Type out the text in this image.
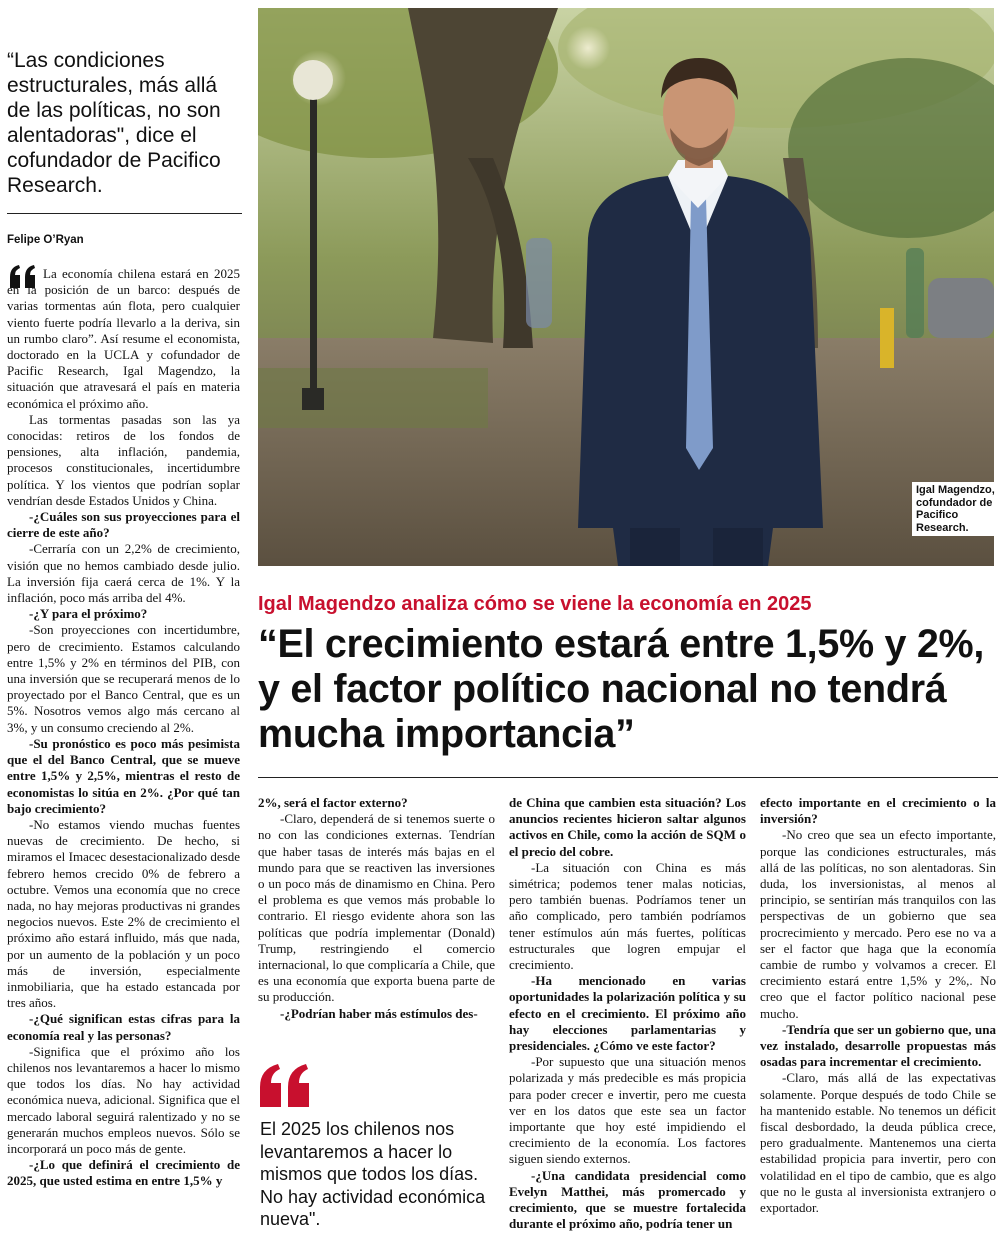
“Las condiciones estructurales, más allá de las políticas, no son alentadoras", dice el cofundador de Pacifico Research.
Felipe O’Ryan

La economía chilena estará en 2025 en la posición de un barco: después de varias tormentas aún flota, pero cualquier viento fuerte podría llevarlo a la deriva, sin un rumbo claro”. Así resume el economista, doctorado en la UCLA y cofundador de Pacific Research, Igal Magendzo, la situación que atravesará el país en materia económica el próximo año.

Las tormentas pasadas son las ya conocidas: retiros de los fondos de pensiones, alta inflación, pandemia, procesos constitucionales, incertidumbre política. Y los vientos que podrían soplar vendrían desde Estados Unidos y China.

-¿Cuáles son sus proyecciones para el cierre de este año?

-Cerraría con un 2,2% de crecimiento, visión que no hemos cambiado desde julio. La inversión fija caerá cerca de 1%. Y la inflación, poco más arriba del 4%.

-¿Y para el próximo?

-Son proyecciones con incertidumbre, pero de crecimiento. Estamos calculando entre 1,5% y 2% en términos del PIB, con una inversión que se recuperará menos de lo proyectado por el Banco Central, que es un 5%. Nosotros vemos algo más cercano al 3%, y un consumo creciendo al 2%.

-Su pronóstico es poco más pesimista que el del Banco Central, que se mueve entre 1,5% y 2,5%, mientras el resto de economistas lo sitúa en 2%. ¿Por qué tan bajo crecimiento?

-No estamos viendo muchas fuentes nuevas de crecimiento. De hecho, si miramos el Imacec desestacionalizado desde febrero hemos crecido 0% de febrero a octubre. Vemos una economía que no crece nada, no hay mejoras productivas ni grandes negocios nuevos. Este 2% de crecimiento el próximo año estará influido, más que nada, por un aumento de la población y un poco más de inversión, especialmente inmobiliaria, que ha estado estancada por tres años.

-¿Qué significan estas cifras para la economía real y las personas?

-Significa que el próximo año los chilenos nos levantaremos a hacer lo mismo que todos los días. No hay actividad económica nueva, adicional. Significa que el mercado laboral seguirá ralentizado y no se generarán muchos empleos nuevos. Sólo se incorporará un poco más de gente.

-¿Lo que definirá el crecimiento de 2025, que usted estima en entre 1,5% y

Igal Magendzo, cofundador de Pacifico Research.
Igal Magendzo analiza cómo se viene la economía en 2025
“El crecimiento estará entre 1,5% y 2%, y el factor político nacional no tendrá mucha importancia”

2%, será el factor externo?

-Claro, dependerá de si tenemos suerte o no con las condiciones externas. Tendrían que haber tasas de interés más bajas en el mundo para que se reactiven las inversiones o un poco más de dinamismo en China. Pero el problema es que vemos más probable lo contrario. El riesgo evidente ahora son las políticas que podría implementar (Donald) Trump, restringiendo el comercio internacional, lo que complicaría a Chile, que es una economía que exporta buena parte de su producción.

-¿Podrían haber más estímulos des-

de China que cambien esta situación? Los anuncios recientes hicieron saltar algunos activos en Chile, como la acción de SQM o el precio del cobre.

-La situación con China es más simétrica; podemos tener malas noticias, pero también buenas. Podríamos tener un año complicado, pero también podríamos tener estímulos aún más fuertes, políticas estructurales que logren empujar el crecimiento.

-Ha mencionado en varias oportunidades la polarización política y su efecto en el crecimiento. El próximo año hay elecciones parlamentarias y presidenciales. ¿Cómo ve este factor?

-Por supuesto que una situación menos polarizada y más predecible es más propicia para poder crecer e invertir, pero me cuesta ver en los datos que este sea un factor importante que hoy esté impidiendo el crecimiento de la economía. Los factores siguen siendo externos.

-¿Una candidata presidencial como Evelyn Matthei, más promercado y crecimiento, que se muestre fortalecida durante el próximo año, podría tener un

efecto importante en el crecimiento o la inversión?

-No creo que sea un efecto importante, porque las condiciones estructurales, más allá de las políticas, no son alentadoras. Sin duda, los inversionistas, al menos al principio, se sentirían más tranquilos con las perspectivas de un gobierno que sea procrecimiento y mercado. Pero ese no va a ser el factor que haga que la economía cambie de rumbo y volvamos a crecer. El crecimiento estará entre 1,5% y 2%,. No creo que el factor político nacional pese mucho.

-Tendría que ser un gobierno que, una vez instalado, desarrolle propuestas más osadas para incrementar el crecimiento.

-Claro, más allá de las expectativas solamente. Porque después de todo Chile se ha mantenido estable. No tenemos un déficit fiscal desbordado, la deuda pública crece, pero gradualmente. Mantenemos una cierta estabilidad propicia para invertir, pero con volatilidad en el tipo de cambio, que es algo que no le gusta al inversionista extranjero o exportador.

El 2025 los chilenos nos levantaremos a hacer lo mismos que todos los días. No hay actividad económica nueva".
